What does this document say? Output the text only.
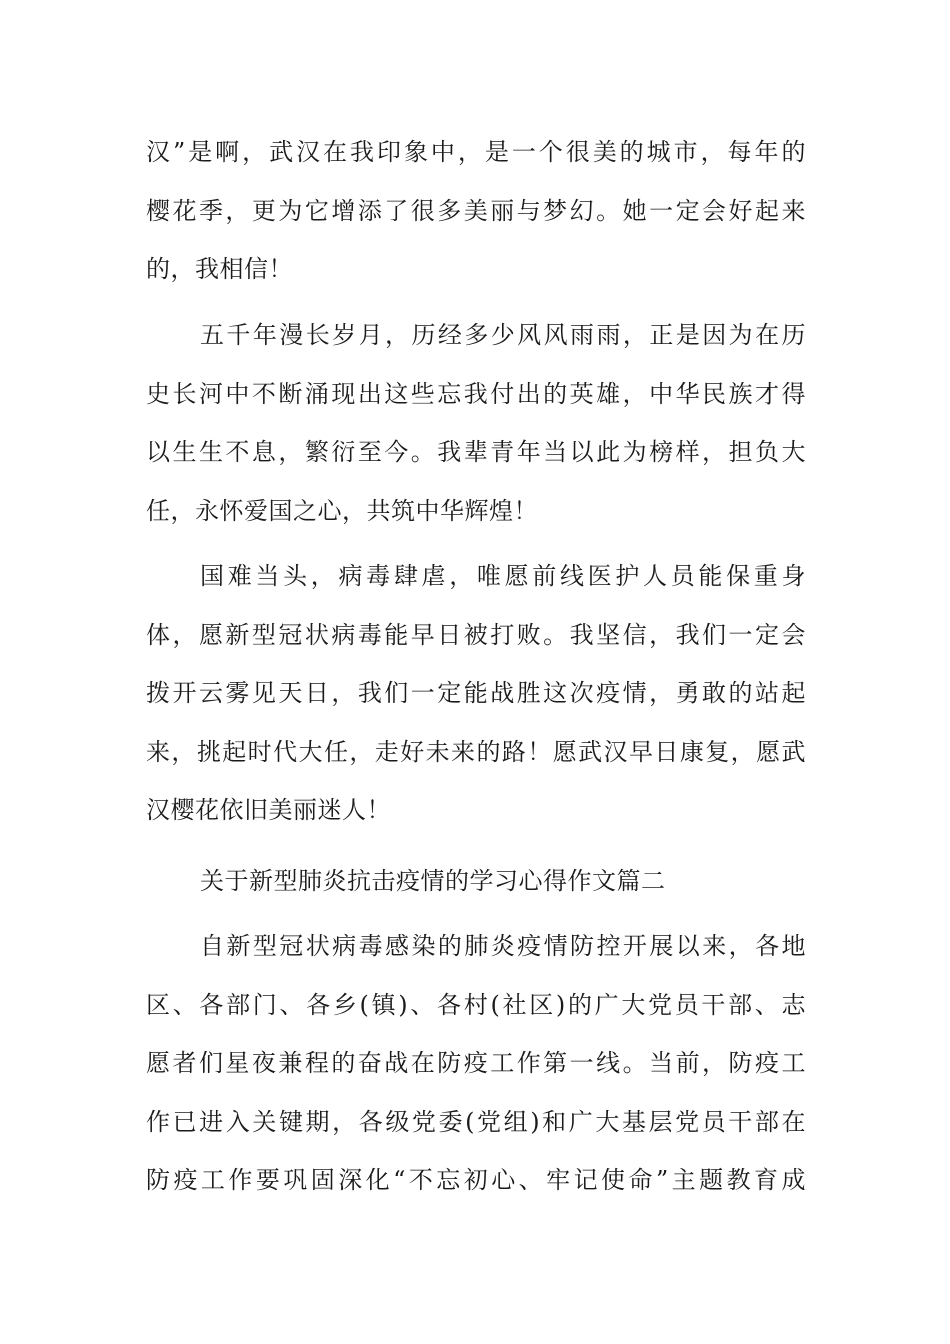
汉”是啊，武汉在我印象中，是一个很美的城市，每年的
樱花季，更为它增添了很多美丽与梦幻。她一定会好起来
的，我相信！
五千年漫长岁月，历经多少风风雨雨，正是因为在历
史长河中不断涌现出这些忘我付出的英雄，中华民族才得
以生生不息，繁衍至今。我辈青年当以此为榜样，担负大
任，永怀爱国之心，共筑中华辉煌！
国难当头，病毒肆虐，唯愿前线医护人员能保重身
体，愿新型冠状病毒能早日被打败。我坚信，我们一定会
拨开云雾见天日，我们一定能战胜这次疫情，勇敢的站起
来，挑起时代大任，走好未来的路！愿武汉早日康复，愿武
汉樱花依旧美丽迷人！
关于新型肺炎抗击疫情的学习心得作文篇二
自新型冠状病毒感染的肺炎疫情防控开展以来，各地
区、各部门、各乡(镇)、各村(社区)的广大党员干部、志
愿者们星夜兼程的奋战在防疫工作第一线。当前，防疫工
作已进入关键期，各级党委(党组)和广大基层党员干部在
防疫工作要巩固深化“不忘初心、牢记使命”主题教育成
